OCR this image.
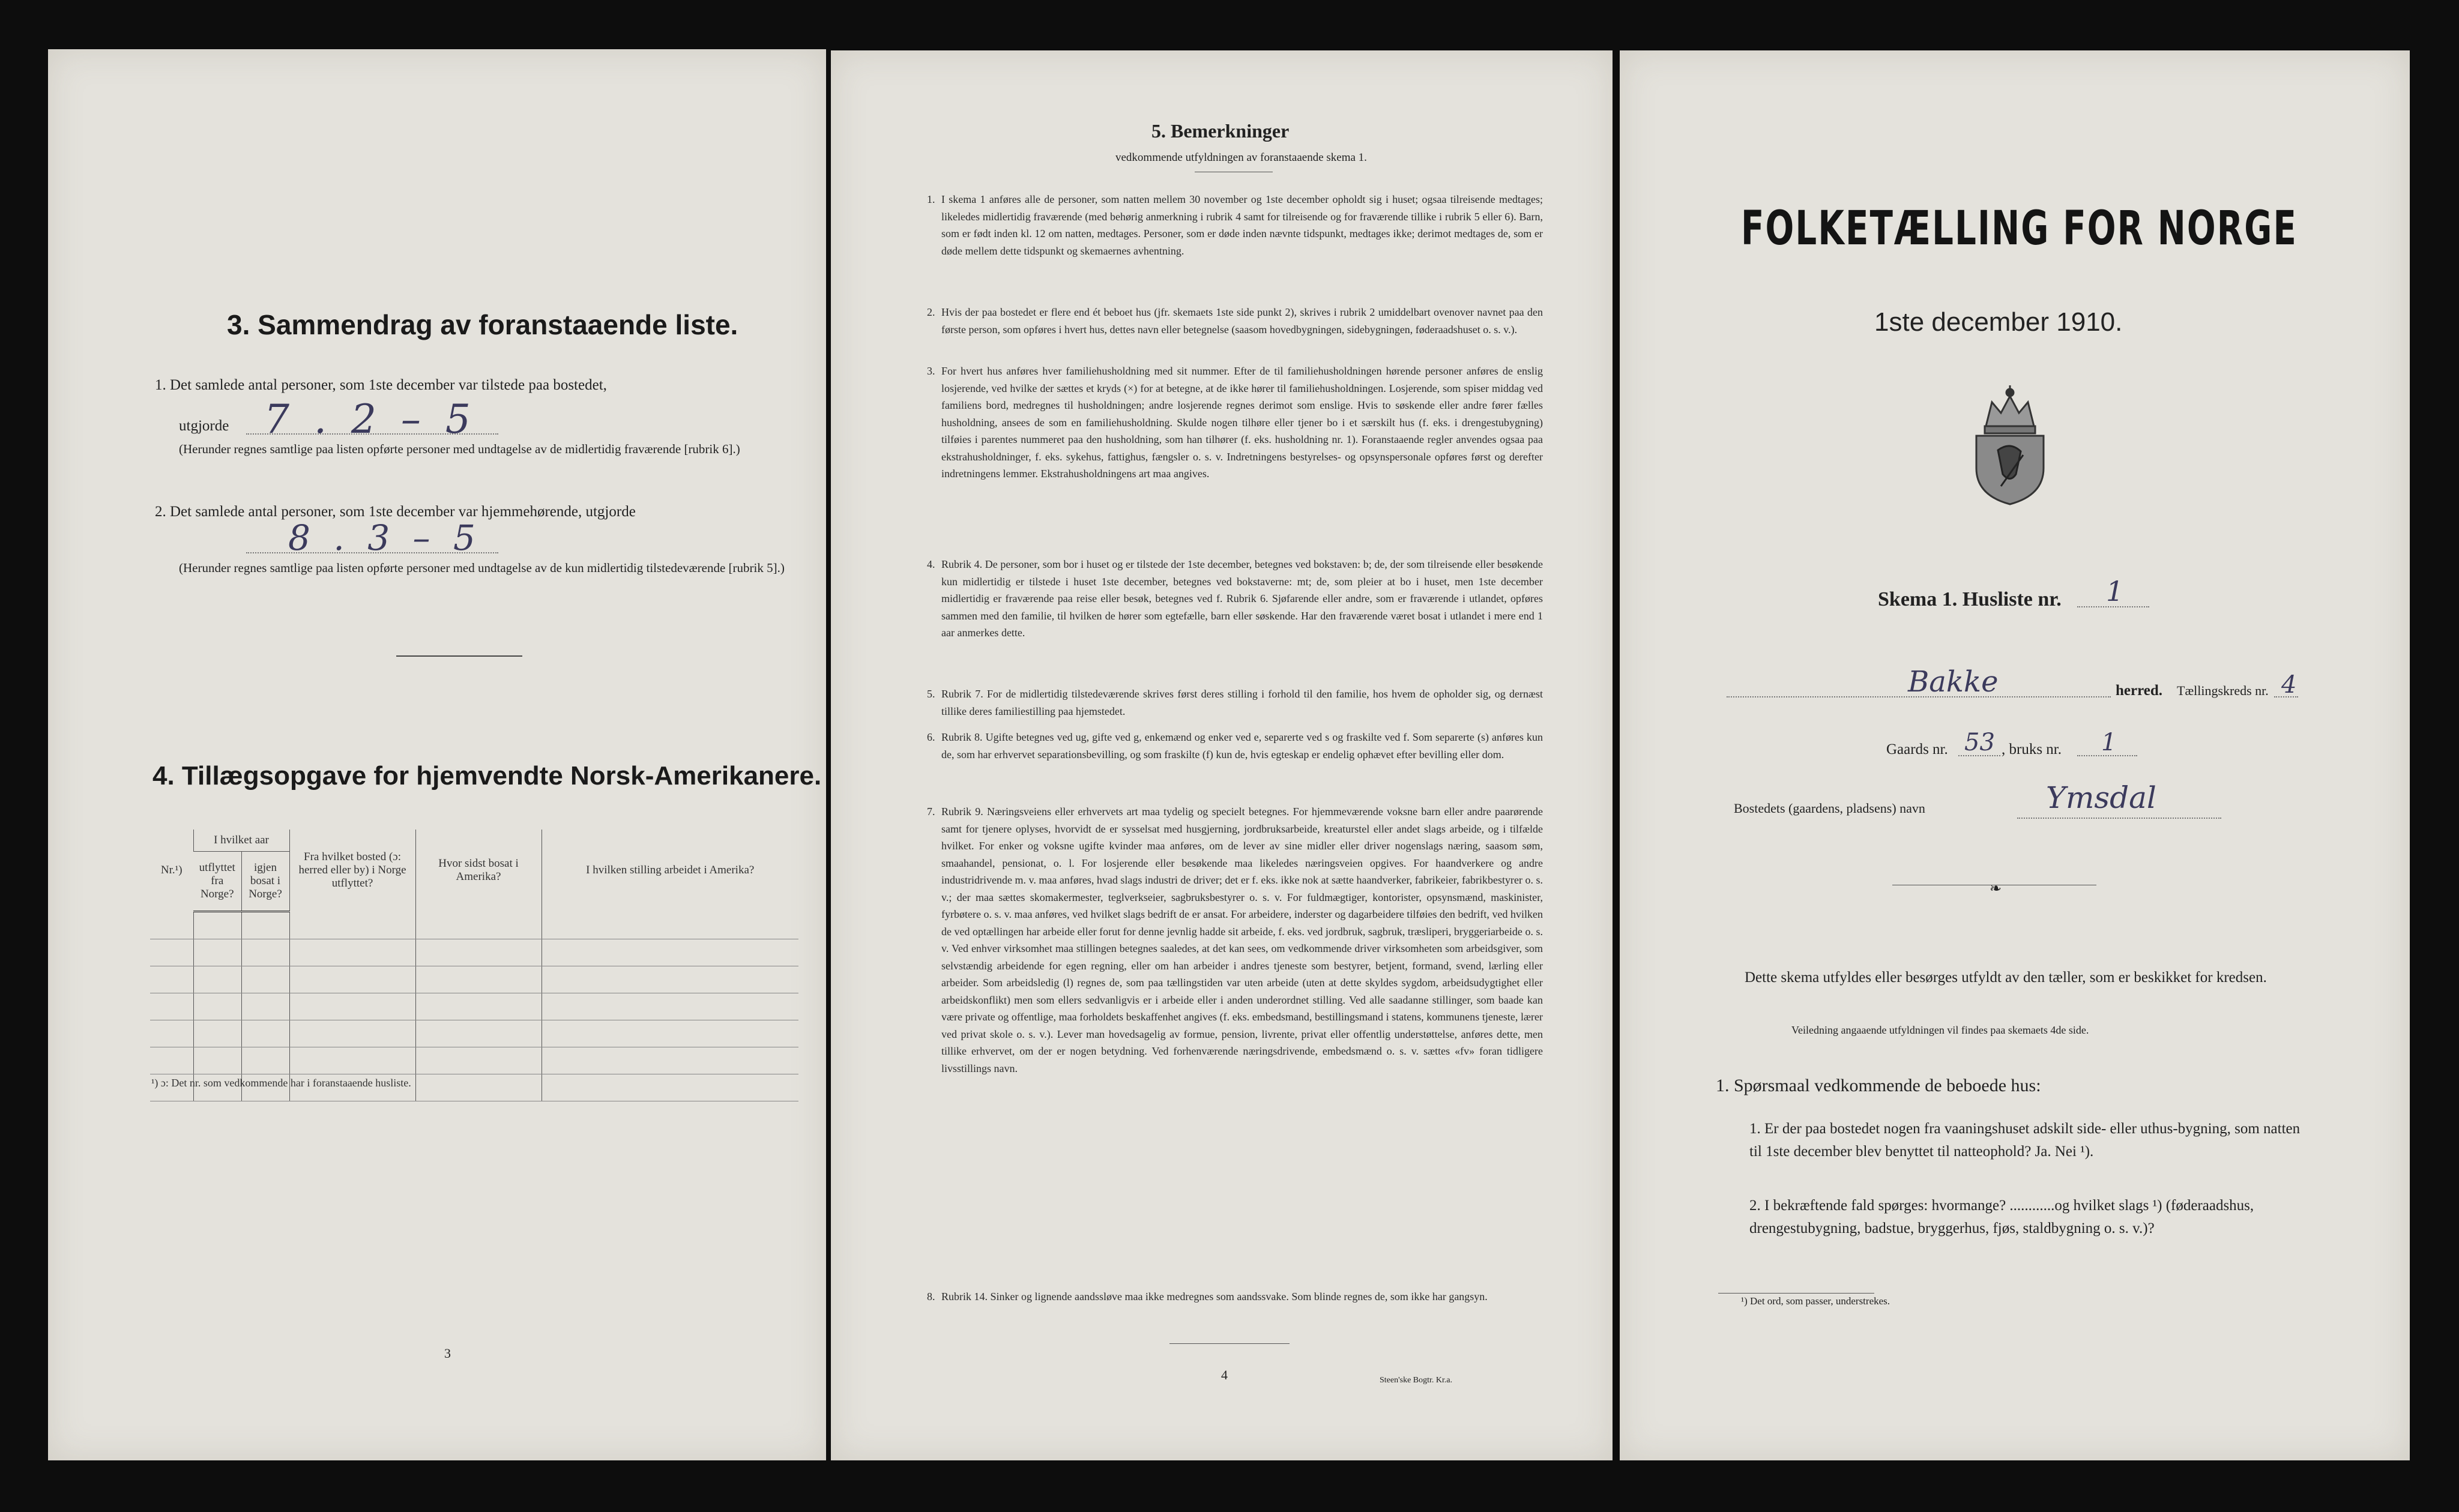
3. Sammendrag av foranstaaende liste.
1. Det samlede antal personer, som 1ste december var tilstede paa bostedet,
utgjorde 7 . 2 – 5
(Herunder regnes samtlige paa listen opførte personer med undtagelse av de midlertidig fraværende [rubrik 6].)
2. Det samlede antal personer, som 1ste december var hjemmehørende, utgjorde
8 . 3 – 5
(Herunder regnes samtlige paa listen opførte personer med undtagelse av de kun midlertidig tilstedeværende [rubrik 5].)
4. Tillægsopgave for hjemvendte Norsk-Amerikanere.
Nr.¹)	I hvilket aar		Fra hvilket bosted (ɔ: herred eller by) i Norge utflyttet?	Hvor sidst bosat i Amerika?	I hvilken stilling arbeidet i Amerika?
	utflyttet fra Norge?	igjen bosat i Norge?			

¹) ɔ: Det nr. som vedkommende har i foranstaaende husliste.
3
5. Bemerkninger
vedkommende utfyldningen av foranstaaende skema 1.
1. I skema 1 anføres alle de personer, som natten mellem 30 november og 1ste december opholdt sig i huset; ogsaa tilreisende medtages; likeledes midlertidig fraværende (med behørig anmerkning i rubrik 4 samt for tilreisende og for fraværende tillike i rubrik 5 eller 6). Barn, som er født inden kl. 12 om natten, medtages. Personer, som er døde inden nævnte tidspunkt, medtages ikke; derimot medtages de, som er døde mellem dette tidspunkt og skemaernes avhentning.

2. Hvis der paa bostedet er flere end ét beboet hus (jfr. skemaets 1ste side punkt 2), skrives i rubrik 2 umiddelbart ovenover navnet paa den første person, som opføres i hvert hus, dettes navn eller betegnelse (saasom hovedbygningen, sidebygningen, føderaadshuset o. s. v.).

3. For hvert hus anføres hver familiehusholdning med sit nummer. Efter de til familiehusholdningen hørende personer anføres de enslig losjerende, ved hvilke der sættes et kryds (×) for at betegne, at de ikke hører til familiehusholdningen. Losjerende, som spiser middag ved familiens bord, medregnes til husholdningen; andre losjerende regnes derimot som enslige. Hvis to søskende eller andre fører fælles husholdning, ansees de som en familiehusholdning. Skulde nogen tilhøre eller tjener bo i et særskilt hus (f. eks. i drengestubygning) tilføies i parentes nummeret paa den husholdning, som han tilhører (f. eks. husholdning nr. 1). Foranstaaende regler anvendes ogsaa paa ekstrahusholdninger, f. eks. sykehus, fattighus, fængsler o. s. v. Indretningens bestyrelses- og opsynspersonale opføres først og derefter indretningens lemmer. Ekstrahusholdningens art maa angives.

4. Rubrik 4. De personer, som bor i huset og er tilstede der 1ste december, betegnes ved bokstaven: b; de, der som tilreisende eller besøkende kun midlertidig er tilstede i huset 1ste december, betegnes ved bokstaverne: mt; de, som pleier at bo i huset, men 1ste december midlertidig er fraværende paa reise eller besøk, betegnes ved f. Rubrik 6. Sjøfarende eller andre, som er fraværende i utlandet, opføres sammen med den familie, til hvilken de hører som egtefælle, barn eller søskende. Har den fraværende været bosat i utlandet i mere end 1 aar anmerkes dette.

5. Rubrik 7. For de midlertidig tilstedeværende skrives først deres stilling i forhold til den familie, hos hvem de opholder sig, og dernæst tillike deres familiestilling paa hjemstedet.

6. Rubrik 8. Ugifte betegnes ved ug, gifte ved g, enkemænd og enker ved e, separerte ved s og fraskilte ved f. Som separerte (s) anføres kun de, som har erhvervet separationsbevilling, og som fraskilte (f) kun de, hvis egteskap er endelig ophævet efter bevilling eller dom.

7. Rubrik 9. Næringsveiens eller erhvervets art maa tydelig og specielt betegnes. For hjemmeværende voksne barn eller andre paarørende samt for tjenere oplyses, hvorvidt de er sysselsat med husgjerning, jordbruksarbeide, kreaturstel eller andet slags arbeide, og i tilfælde hvilket. For enker og voksne ugifte kvinder maa anføres, om de lever av sine midler eller driver nogenslags næring, saasom søm, smaahandel, pensionat, o. l. For losjerende eller besøkende maa likeledes næringsveien opgives. For haandverkere og andre industridrivende m. v. maa anføres, hvad slags industri de driver; det er f. eks. ikke nok at sætte haandverker, fabrikeier, fabrikbestyrer o. s. v.; der maa sættes skomakermester, teglverkseier, sagbruksbestyrer o. s. v. For fuldmægtiger, kontorister, opsynsmænd, maskinister, fyrbøtere o. s. v. maa anføres, ved hvilket slags bedrift de er ansat. For arbeidere, inderster og dagarbeidere tilføies den bedrift, ved hvilken de ved optællingen har arbeide eller forut for denne jevnlig hadde sit arbeide, f. eks. ved jordbruk, sagbruk, træsliperi, bryggeriarbeide o. s. v. Ved enhver virksomhet maa stillingen betegnes saaledes, at det kan sees, om vedkommende driver virksomheten som arbeidsgiver, som selvstændig arbeidende for egen regning, eller om han arbeider i andres tjeneste som bestyrer, betjent, formand, svend, lærling eller arbeider. Som arbeidsledig (l) regnes de, som paa tællingstiden var uten arbeide (uten at dette skyldes sygdom, arbeidsudygtighet eller arbeidskonflikt) men som ellers sedvanligvis er i arbeide eller i anden underordnet stilling. Ved alle saadanne stillinger, som baade kan være private og offentlige, maa forholdets beskaffenhet angives (f. eks. embedsmand, bestillingsmand i statens, kommunens tjeneste, lærer ved privat skole o. s. v.). Lever man hovedsagelig av formue, pension, livrente, privat eller offentlig understøttelse, anføres dette, men tillike erhvervet, om der er nogen betydning. Ved forhenværende næringsdrivende, embedsmænd o. s. v. sættes «fv» foran tidligere livsstillings navn.

8. Rubrik 14. Sinker og lignende aandssløve maa ikke medregnes som aandssvake. Som blinde regnes de, som ikke har gangsyn.

4	Steen'ske Bogtr. Kr.a.
FOLKETÆLLING FOR NORGE
1ste december 1910.
Skema 1. Husliste nr. 1
Bakke	herred. Tællingskreds nr. 4
Gaards nr. 53 , bruks nr. 1
Bostedets (gaardens, pladsens) navn	Ymsdal
❧
Dette skema utfyldes eller besørges utfyldt av den tæller, som er beskikket for kredsen.
Veiledning angaaende utfyldningen vil findes paa skemaets 4de side.
1. Spørsmaal vedkommende de beboede hus:
1. Er der paa bostedet nogen fra vaaningshuset adskilt side- eller uthus-bygning, som natten til 1ste december blev benyttet til natteophold? Ja. Nei ¹).
2. I bekræftende fald spørges: hvormange? ............og hvilket slags ¹) (føderaadshus, drengestubygning, badstue, bryggerhus, fjøs, staldbygning o. s. v.)?
¹) Det ord, som passer, understrekes.
